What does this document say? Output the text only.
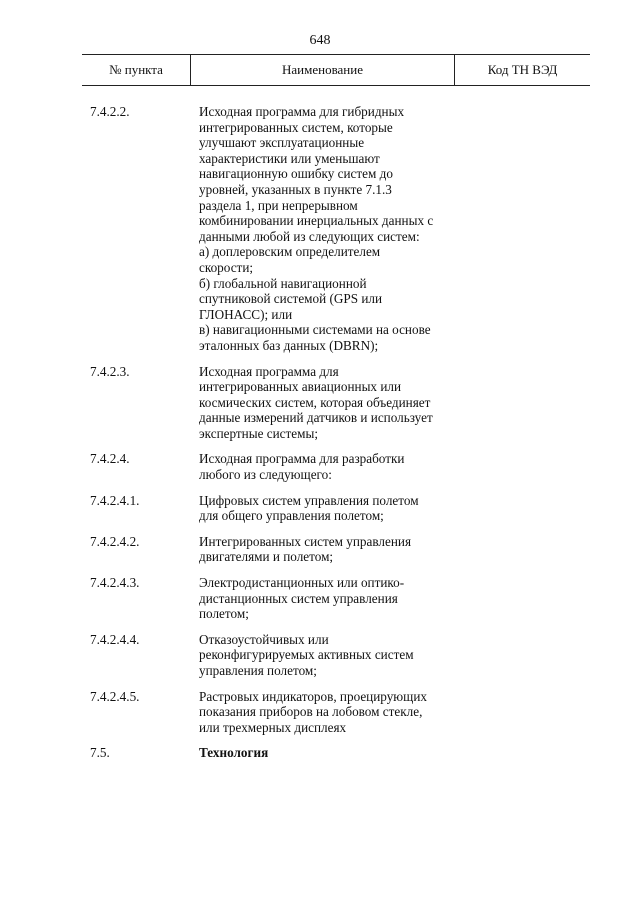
648
№ пункта	Наименование	Код ТН ВЭД
7.4.2.2.	Исходная программа для гибридных
интегрированных систем, которые
улучшают эксплуатационные
характеристики или уменьшают
навигационную ошибку систем до
уровней, указанных в пункте 7.1.3
раздела 1, при непрерывном
комбинировании инерциальных данных с
данными любой из следующих систем:
а) доплеровским определителем
скорости;
б) глобальной навигационной
спутниковой системой (GPS или
ГЛОНАСС); или
в) навигационными системами на основе
эталонных баз данных (DBRN);
7.4.2.3.	Исходная программа для
интегрированных авиационных или
космических систем, которая объединяет
данные измерений датчиков и использует
экспертные системы;
7.4.2.4.	Исходная программа для разработки
любого из следующего:
7.4.2.4.1.	Цифровых систем управления полетом
для общего управления полетом;
7.4.2.4.2.	Интегрированных систем управления
двигателями и полетом;
7.4.2.4.3.	Электродистанционных или оптико-
дистанционных систем управления
полетом;
7.4.2.4.4.	Отказоустойчивых или
реконфигурируемых активных систем
управления полетом;
7.4.2.4.5.	Растровых индикаторов, проецирующих
показания приборов на лобовом стекле,
или трехмерных дисплеях
7.5.	Технология
